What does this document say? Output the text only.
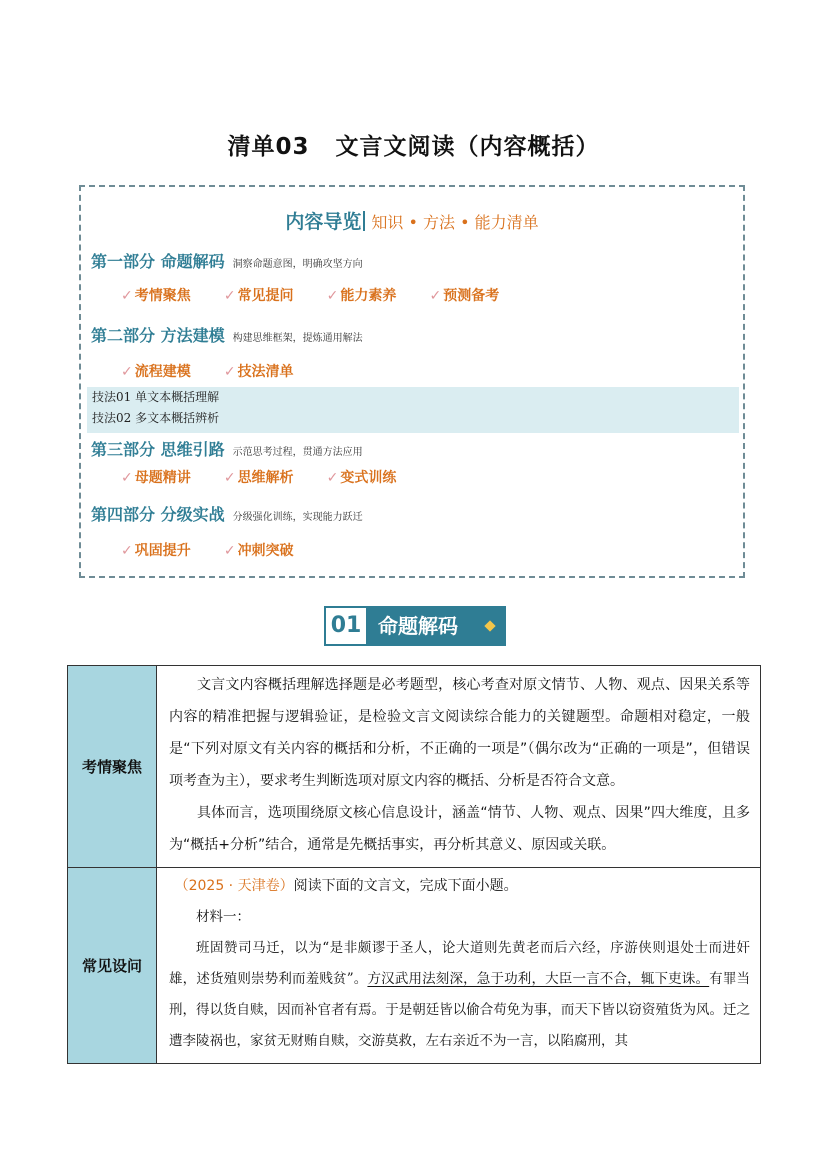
清单03 文言文阅读（内容概括）
内容导览 知识 • 方法 • 能力清单
第一部分 命题解码 洞察命题意图，明确攻坚方向
✓ 考情聚焦 ✓ 常见提问 ✓ 能力素养 ✓ 预测备考
第二部分 方法建模 构建思维框架，提炼通用解法
✓ 流程建模 ✓ 技法清单
技法01 单文本概括理解
技法02 多文本概括辨析
第三部分 思维引路 示范思考过程，贯通方法应用
✓ 母题精讲 ✓ 思维解析 ✓ 变式训练
第四部分 分级实战 分级强化训练，实现能力跃迁
✓ 巩固提升 ✓ 冲刺突破
01 命题解码
考情聚焦	文言文内容概括理解选择题是必考题型，核心考查对原文情节、人物、观点、因果关系等内容的精准把握与逻辑验证，是检验文言文阅读综合能力的关键题型。命题相对稳定，一般是“下列对原文有关内容的概括和分析，不正确的一项是”（偶尔改为“正确的一项是”，但错误项考查为主），要求考生判断选项对原文内容的概括、分析是否符合文意。

具体而言，选项围绕原文核心信息设计，涵盖“情节、人物、观点、因果”四大维度，且多为“概括+分析”结合，通常是先概括事实，再分析其意义、原因或关联。

常见设问	（2025 · 天津卷）阅读下面的文言文，完成下面小题。

材料一：

班固赞司马迁，以为“是非颇谬于圣人，论大道则先黄老而后六经，序游侠则退处士而进奸雄，述货殖则崇势利而羞贱贫”。方汉武用法刻深，急于功利，大臣一言不合，辄下吏诛。有罪当刑，得以货自赎，因而补官者有焉。于是朝廷皆以偷合苟免为事，而天下皆以窃资殖货为风。迁之遭李陵祸也，家贫无财贿自赎，交游莫救，左右亲近不为一言，以陷腐刑，其
